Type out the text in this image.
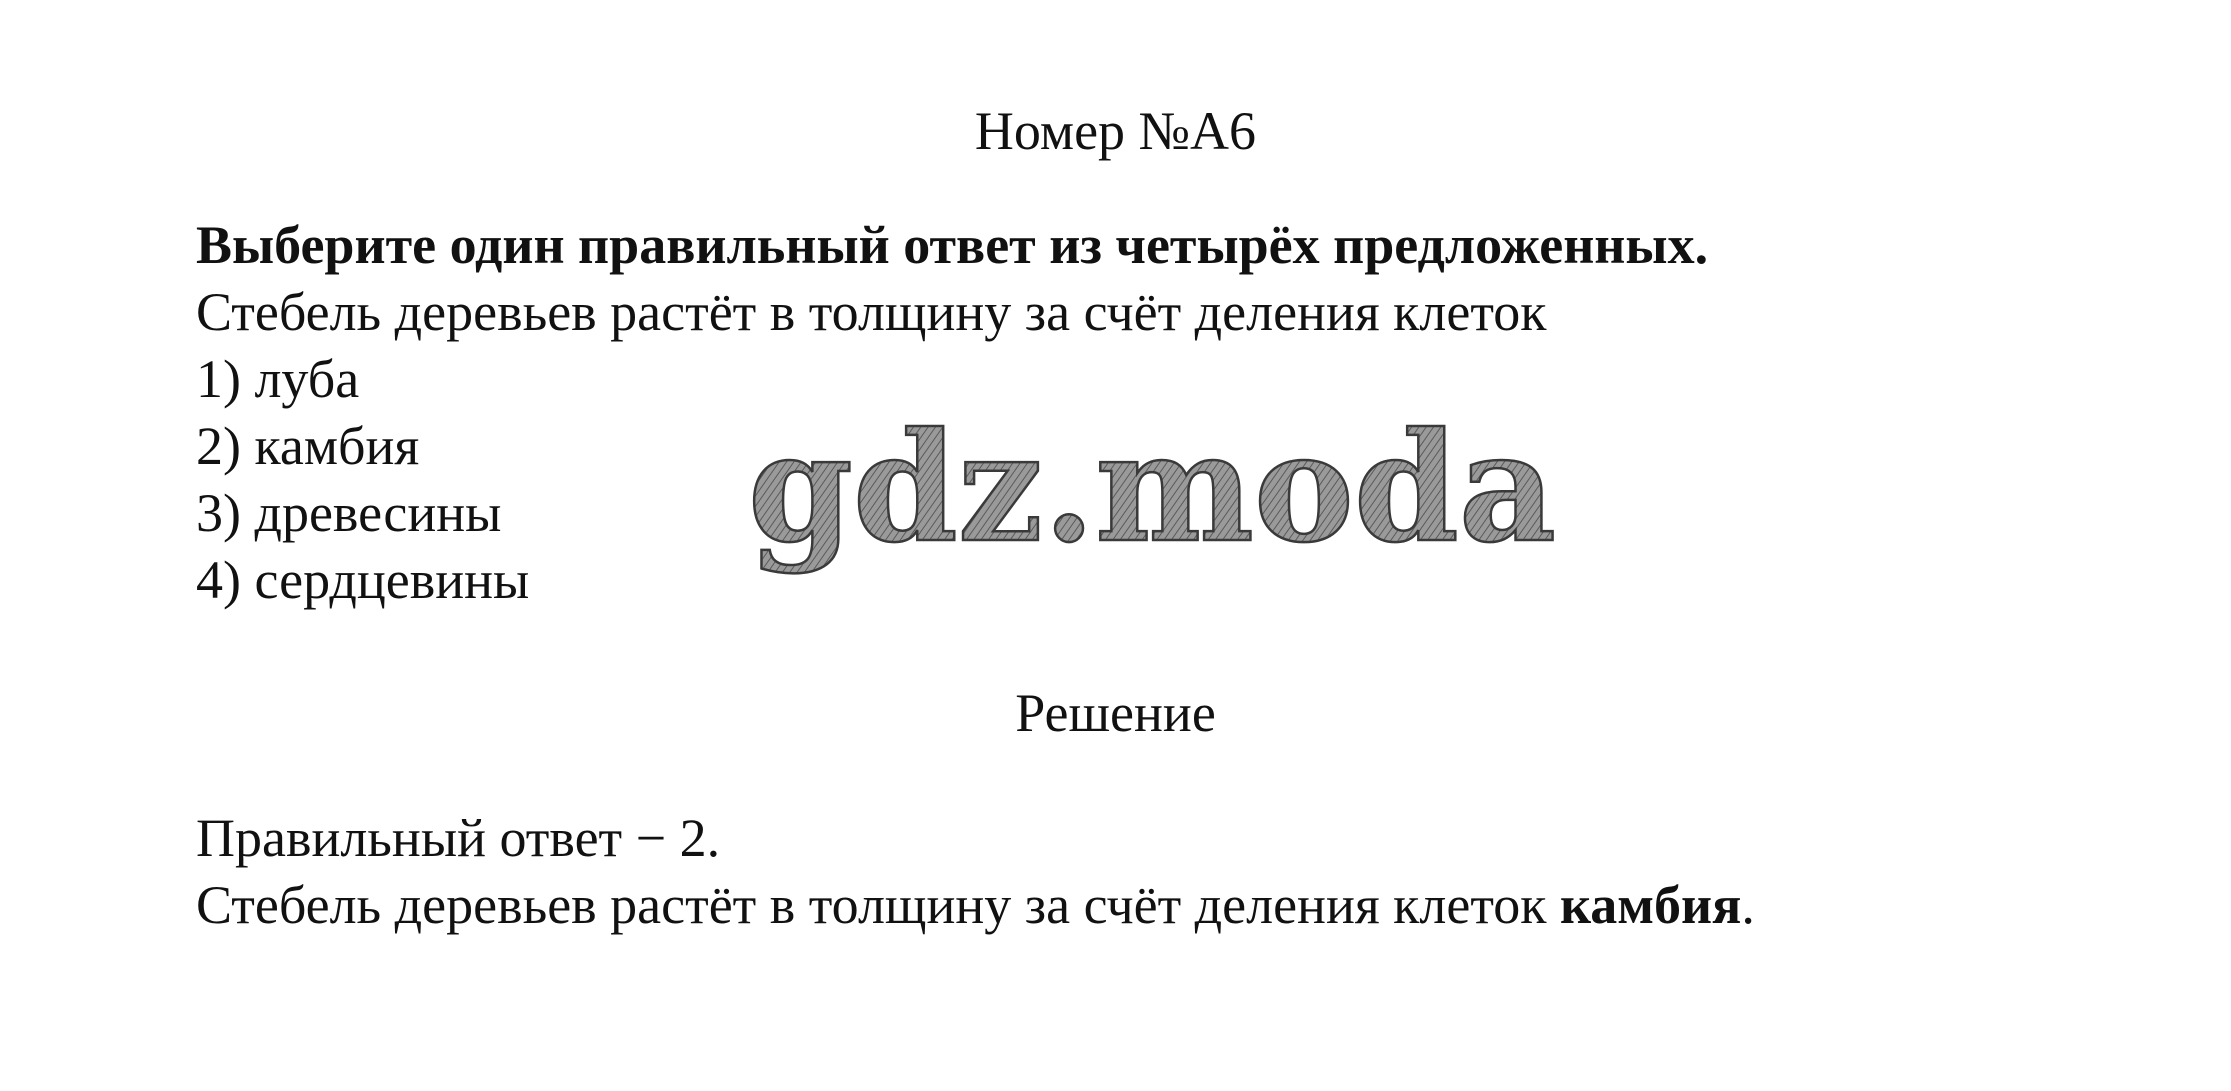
Номер №А6
Выберите один правильный ответ из четырёх предложенных.
Стебель деревьев растёт в толщину за счёт деления клеток
1) луба
2) камбия
3) древесины
4) сердцевины
gdz.moda
Решение
Правильный ответ − 2.
Стебель деревьев растёт в толщину за счёт деления клеток камбия.
